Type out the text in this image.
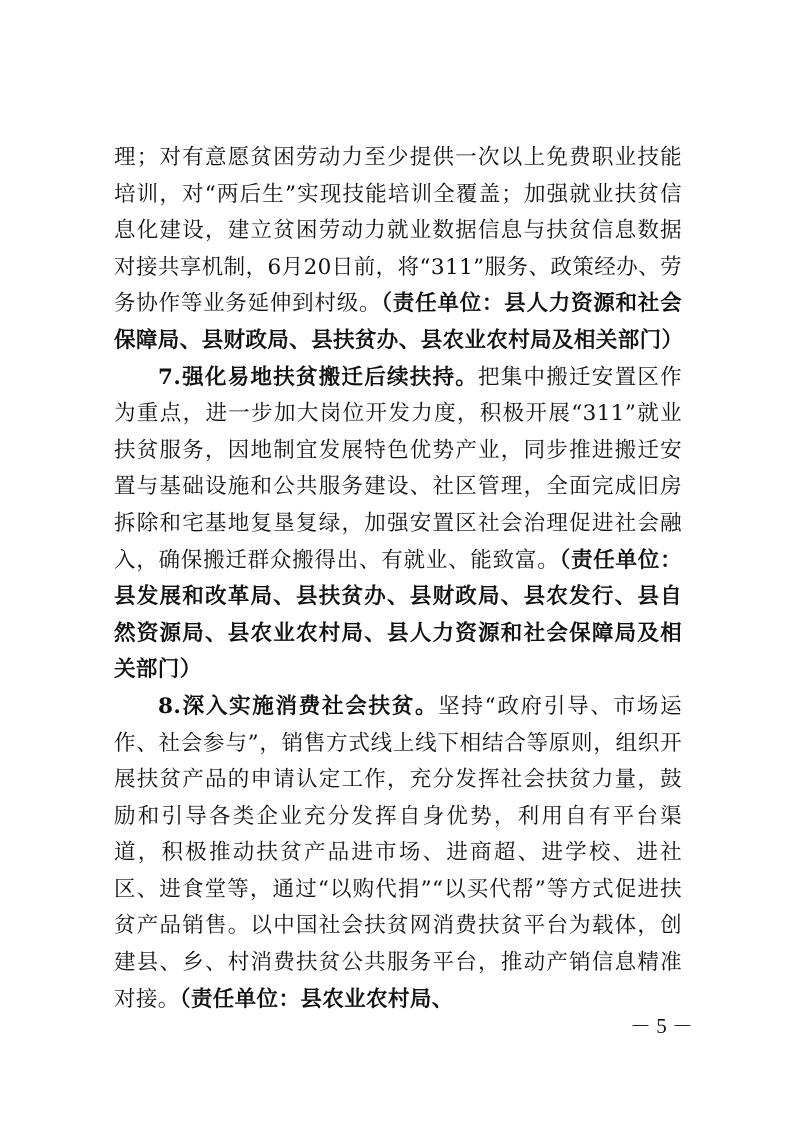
理；对有意愿贫困劳动力至少提供一次以上免费职业技能培训，对“两后生”实现技能培训全覆盖；加强就业扶贫信息化建设，建立贫困劳动力就业数据信息与扶贫信息数据对接共享机制，6月20日前，将“311”服务、政策经办、劳务协作等业务延伸到村级。（责任单位：县人力资源和社会保障局、县财政局、县扶贫办、县农业农村局及相关部门）

7.强化易地扶贫搬迁后续扶持。把集中搬迁安置区作为重点，进一步加大岗位开发力度，积极开展“311”就业扶贫服务，因地制宜发展特色优势产业，同步推进搬迁安置与基础设施和公共服务建设、社区管理，全面完成旧房拆除和宅基地复垦复绿，加强安置区社会治理促进社会融入，确保搬迁群众搬得出、有就业、能致富。（责任单位：县发展和改革局、县扶贫办、县财政局、县农发行、县自然资源局、县农业农村局、县人力资源和社会保障局及相关部门）

8.深入实施消费社会扶贫。坚持“政府引导、市场运作、社会参与”，销售方式线上线下相结合等原则，组织开展扶贫产品的申请认定工作，充分发挥社会扶贫力量，鼓励和引导各类企业充分发挥自身优势，利用自有平台渠道，积极推动扶贫产品进市场、进商超、进学校、进社区、进食堂等，通过“以购代捐”“以买代帮”等方式促进扶贫产品销售。以中国社会扶贫网消费扶贫平台为载体，创建县、乡、村消费扶贫公共服务平台，推动产销信息精准对接。（责任单位：县农业农村局、

－ 5 －
